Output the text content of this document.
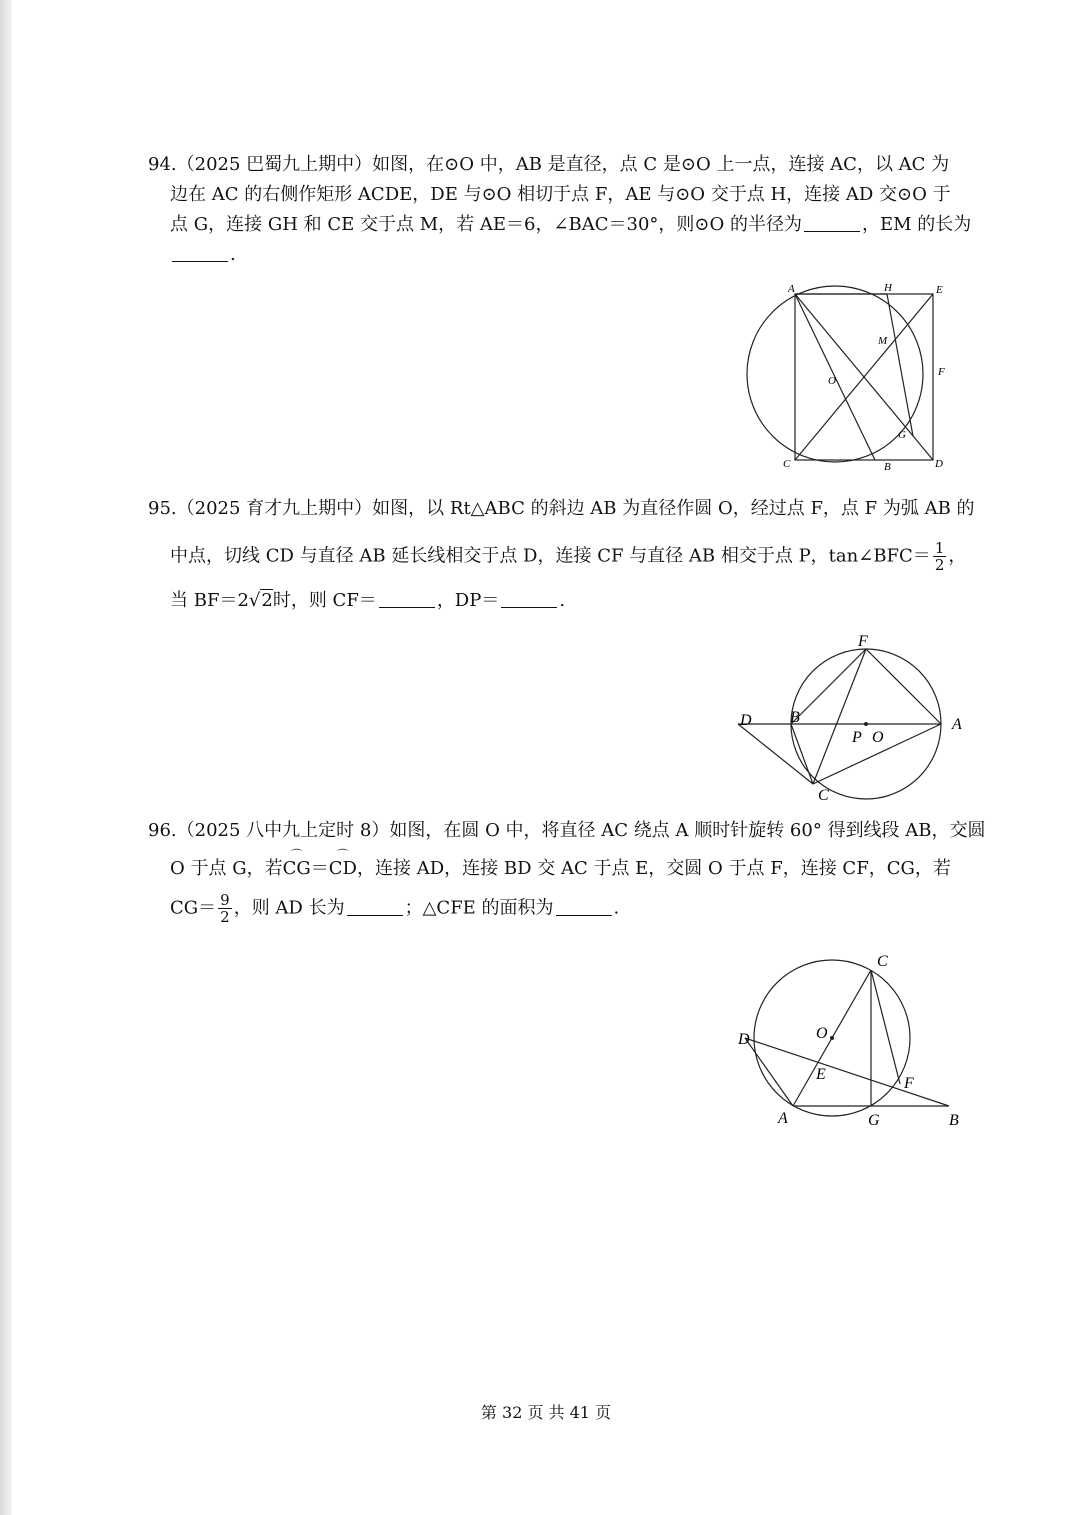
94.（2025 巴蜀九上期中）如图，在⊙O 中，AB 是直径，点 C 是⊙O 上一点，连接 AC，以 AC 为
边在 AC 的右侧作矩形 ACDE，DE 与⊙O 相切于点 F，AE 与⊙O 交于点 H，连接 AD 交⊙O 于
点 G，连接 GH 和 CE 交于点 M，若 AE＝6，∠BAC＝30°，则⊙O 的半径为	，EM 的长为
.
A	H	E
M
O
F
G
C	B	D
95.（2025 育才九上期中）如图，以 Rt△ABC 的斜边 AB 为直径作圆 O，经过点 F，点 F 为弧 AB 的
中点，切线 CD 与直径 AB 延长线相交于点 D，连接 CF 与直径 AB 相交于点 P，tan∠BFC＝ $\frac{1}{2}$ ，
当 BF＝2√2时，则 CF＝	，DP＝	.
F
D B
P O
A
C
96.（2025 八中九上定时 8）如图，在圆 O 中，将直径 AC 绕点 A 顺时针旋转 60° 得到线段 AB，交圆
O 于点 G，若⌒ CG＝⌒ CD，连接 AD，连接 BD 交 AC 于点 E，交圆 O 于点 F，连接 CF，CG，若
$CG= \frac{9}{2}$ ，则 AD 长为	；△CFE 的面积为	.
C
O
D
E
F
A	G	B
第 32 页 共 41 页
